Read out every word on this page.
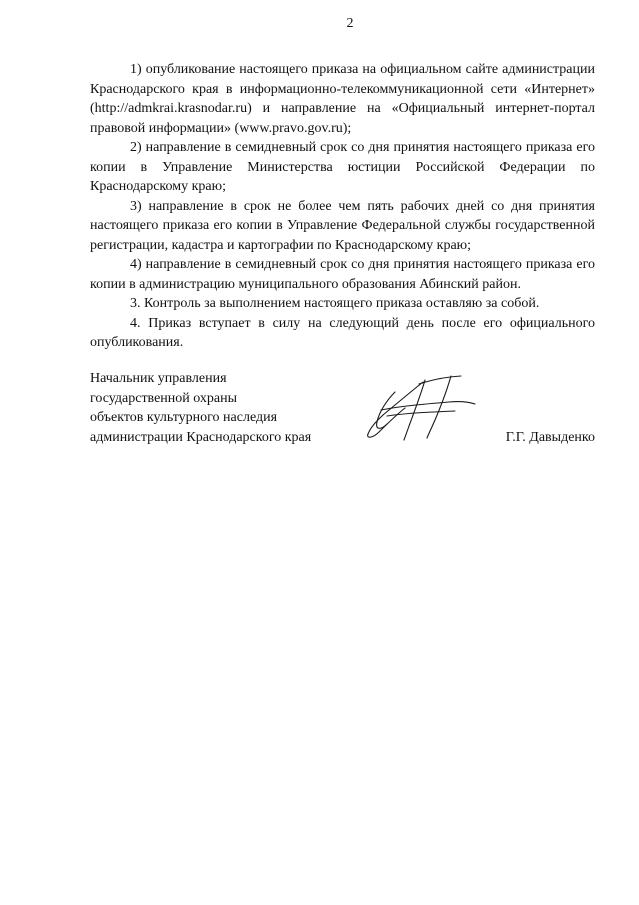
2

1) опубликование настоящего приказа на официальном сайте администрации Краснодарского края в информационно-телекоммуникационной сети «Интернет» (http://admkrai.krasnodar.ru) и направление на «Официальный интернет-портал правовой информации» (www.pravo.gov.ru);

2) направление в семидневный срок со дня принятия настоящего приказа его копии в Управление Министерства юстиции Российской Федерации по Краснодарскому краю;

3) направление в срок не более чем пять рабочих дней со дня принятия настоящего приказа его копии в Управление Федеральной службы государственной регистрации, кадастра и картографии по Краснодарскому краю;

4) направление в семидневный срок со дня принятия настоящего приказа его копии в администрацию муниципального образования Абинский район.

3. Контроль за выполнением настоящего приказа оставляю за собой.

4. Приказ вступает в силу на следующий день после его официального опубликования.

Начальник управления
государственной охраны
объектов культурного наследия
администрации Краснодарского края	Г.Г. Давыденко
